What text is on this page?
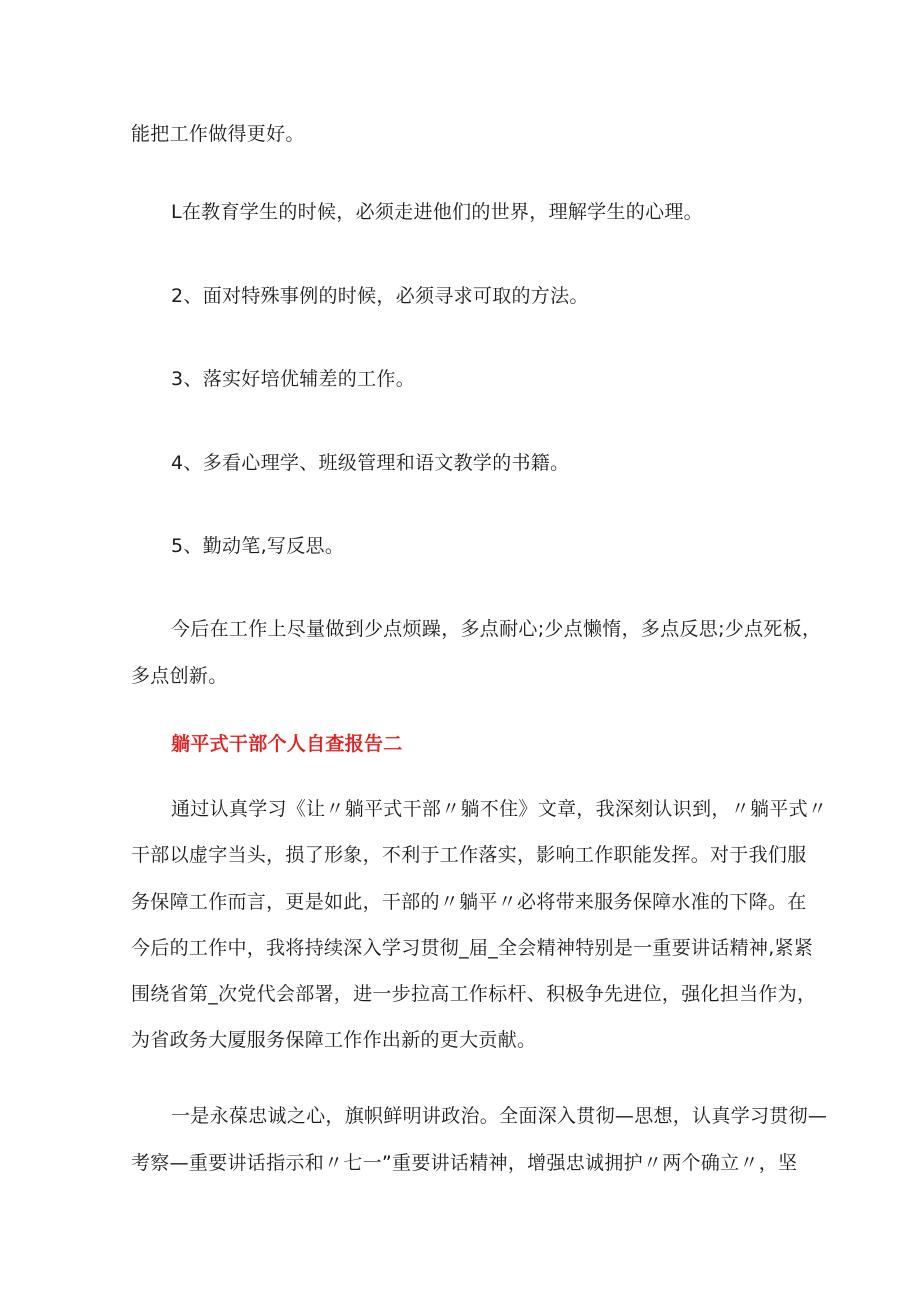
能把工作做得更好。
L在教育学生的时候，必须走进他们的世界，理解学生的心理。
2、面对特殊事例的时候，必须寻求可取的方法。
3、落实好培优辅差的工作。
4、多看心理学、班级管理和语文教学的书籍。
5、勤动笔,写反思。
今后在工作上尽量做到少点烦躁，多点耐心;少点懒惰，多点反思;少点死板，
多点创新。
躺平式干部个人自查报告二
通过认真学习《让〃躺平式干部〃躺不住》文章，我深刻认识到，〃躺平式〃
干部以虚字当头，损了形象，不利于工作落实，影响工作职能发挥。对于我们服
务保障工作而言，更是如此，干部的〃躺平〃必将带来服务保障水准的下降。在
今后的工作中，我将持续深入学习贯彻_届_全会精神特别是一重要讲话精神,紧紧
围绕省第_次党代会部署，进一步拉高工作标杆、积极争先进位，强化担当作为，
为省政务大厦服务保障工作作出新的更大贡献。
一是永葆忠诚之心，旗帜鲜明讲政治。全面深入贯彻—思想，认真学习贯彻—
考察—重要讲话指示和〃七一”重要讲话精神，增强忠诚拥护〃两个确立〃，坚
